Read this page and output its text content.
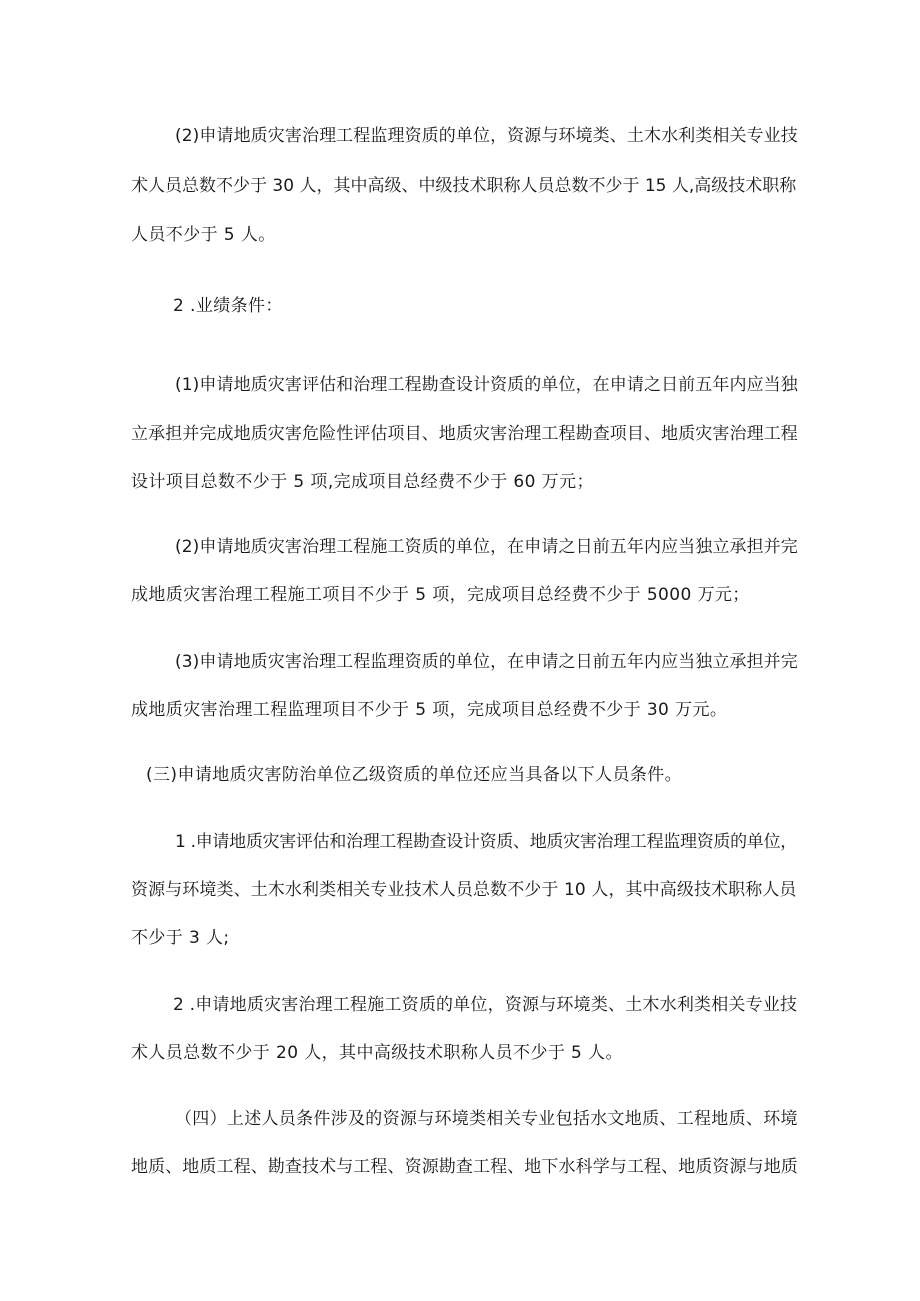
(2)申请地质灾害治理工程监理资质的单位，资源与环境类、土木水利类相关专业技
术人员总数不少于 30 人，其中高级、中级技术职称人员总数不少于 15 人,高级技术职称
人员不少于 5 人。
2 .业绩条件：
(1)申请地质灾害评估和治理工程勘查设计资质的单位，在申请之日前五年内应当独
立承担并完成地质灾害危险性评估项目、地质灾害治理工程勘查项目、地质灾害治理工程
设计项目总数不少于 5 项,完成项目总经费不少于 60 万元；
(2)申请地质灾害治理工程施工资质的单位，在申请之日前五年内应当独立承担并完
成地质灾害治理工程施工项目不少于 5 项，完成项目总经费不少于 5000 万元；
(3)申请地质灾害治理工程监理资质的单位，在申请之日前五年内应当独立承担并完
成地质灾害治理工程监理项目不少于 5 项，完成项目总经费不少于 30 万元。
(三)申请地质灾害防治单位乙级资质的单位还应当具备以下人员条件。
1 .申请地质灾害评估和治理工程勘查设计资质、地质灾害治理工程监理资质的单位，
资源与环境类、土木水利类相关专业技术人员总数不少于 10 人，其中高级技术职称人员
不少于 3 人;
2 .申请地质灾害治理工程施工资质的单位，资源与环境类、土木水利类相关专业技
术人员总数不少于 20 人，其中高级技术职称人员不少于 5 人。
（四）上述人员条件涉及的资源与环境类相关专业包括水文地质、工程地质、环境
地质、地质工程、勘查技术与工程、资源勘查工程、地下水科学与工程、地质资源与地质
